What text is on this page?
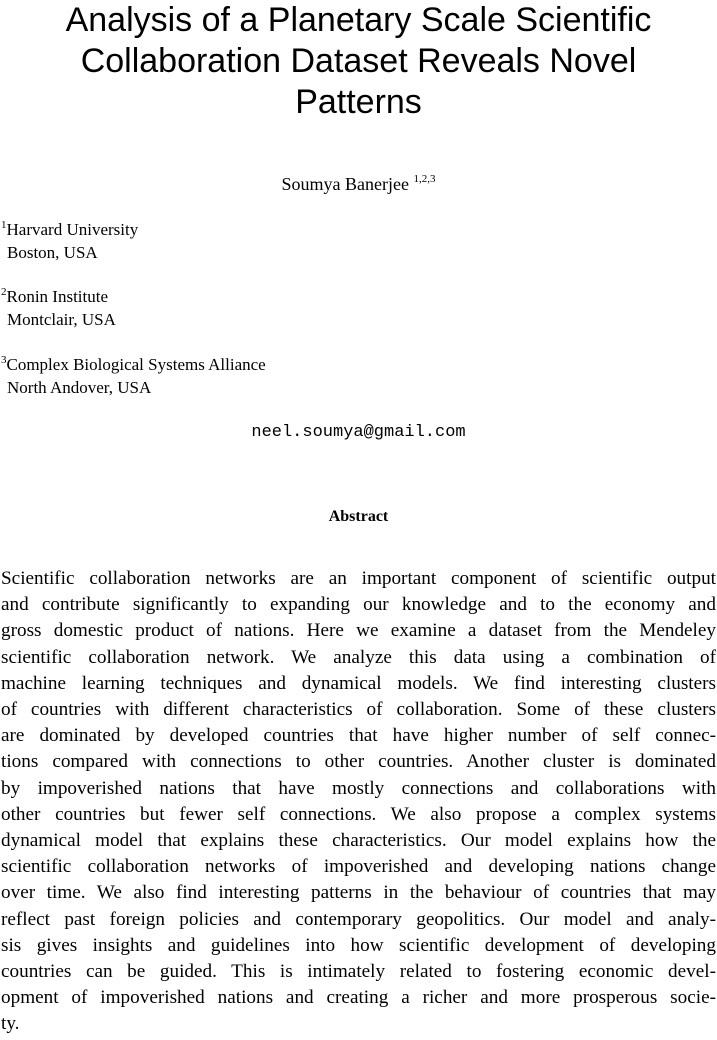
Analysis of a Planetary Scale Scientific
Collaboration Dataset Reveals Novel
Patterns
Soumya Banerjee $^{1,2,3}$
$^1$Harvard University
Boston, USA
$^2$Ronin Institute
Montclair, USA
$^3$Complex Biological Systems Alliance
North Andover, USA
neel.soumya@gmail.com
Abstract
Scientific collaboration networks are an important component of scientific output
and contribute significantly to expanding our knowledge and to the economy and
gross domestic product of nations. Here we examine a dataset from the Mendeley
scientific collaboration network. We analyze this data using a combination of
machine learning techniques and dynamical models. We find interesting clusters
of countries with different characteristics of collaboration. Some of these clusters
are dominated by developed countries that have higher number of self connec-
tions compared with connections to other countries. Another cluster is dominated
by impoverished nations that have mostly connections and collaborations with
other countries but fewer self connections. We also propose a complex systems
dynamical model that explains these characteristics. Our model explains how the
scientific collaboration networks of impoverished and developing nations change
over time. We also find interesting patterns in the behaviour of countries that may
reflect past foreign policies and contemporary geopolitics. Our model and analy-
sis gives insights and guidelines into how scientific development of developing
countries can be guided. This is intimately related to fostering economic devel-
opment of impoverished nations and creating a richer and more prosperous socie-
ty.
